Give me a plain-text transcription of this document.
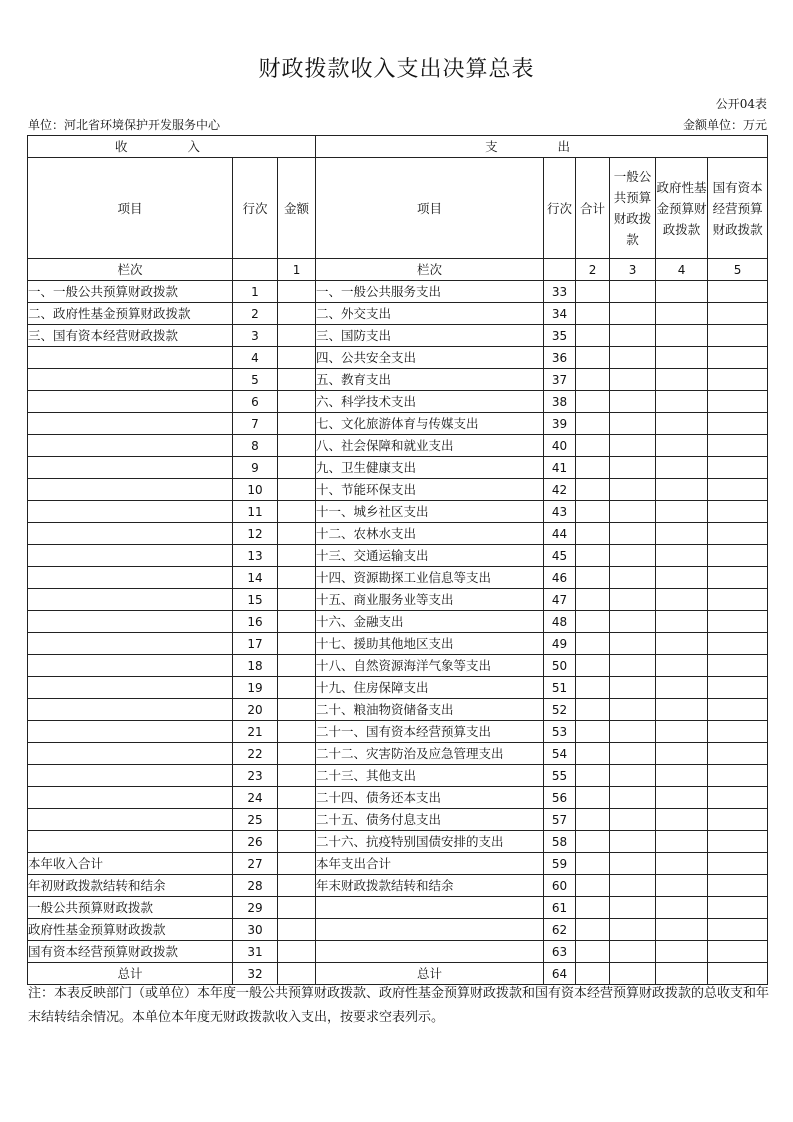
财政拨款收入支出决算总表
公开04表
单位：河北省环境保护开发服务中心	金额单位：万元
收 入			支 出					
项目	行次	金额	项目	行次	合计	一般公共预算财政拨款	政府性基金预算财政拨款	国有资本经营预算财政拨款
栏次		1	栏次		2	3	4	5
一、一般公共预算财政拨款	1		一、一般公共服务支出	33				
二、政府性基金预算财政拨款	2		二、外交支出	34				
三、国有资本经营财政拨款	3		三、国防支出	35				
	4		四、公共安全支出	36				
	5		五、教育支出	37				
	6		六、科学技术支出	38				
	7		七、文化旅游体育与传媒支出	39				
	8		八、社会保障和就业支出	40				
	9		九、卫生健康支出	41				
	10		十、节能环保支出	42				
	11		十一、城乡社区支出	43				
	12		十二、农林水支出	44				
	13		十三、交通运输支出	45				
	14		十四、资源勘探工业信息等支出	46				
	15		十五、商业服务业等支出	47				
	16		十六、金融支出	48				
	17		十七、援助其他地区支出	49				
	18		十八、自然资源海洋气象等支出	50				
	19		十九、住房保障支出	51				
	20		二十、粮油物资储备支出	52				
	21		二十一、国有资本经营预算支出	53				
	22		二十二、灾害防治及应急管理支出	54				
	23		二十三、其他支出	55				
	24		二十四、债务还本支出	56				
	25		二十五、债务付息支出	57				
	26		二十六、抗疫特别国债安排的支出	58				
本年收入合计	27		本年支出合计	59				
年初财政拨款结转和结余	28		年末财政拨款结转和结余	60				
一般公共预算财政拨款	29			61				
政府性基金预算财政拨款	30			62				
国有资本经营预算财政拨款	31			63				
总计	32		总计	64				
注：本表反映部门（或单位）本年度一般公共预算财政拨款、政府性基金预算财政拨款和国有资本经营预算财政拨款的总收支和年末结转结余情况。本单位本年度无财政拨款收入支出，按要求空表列示。
